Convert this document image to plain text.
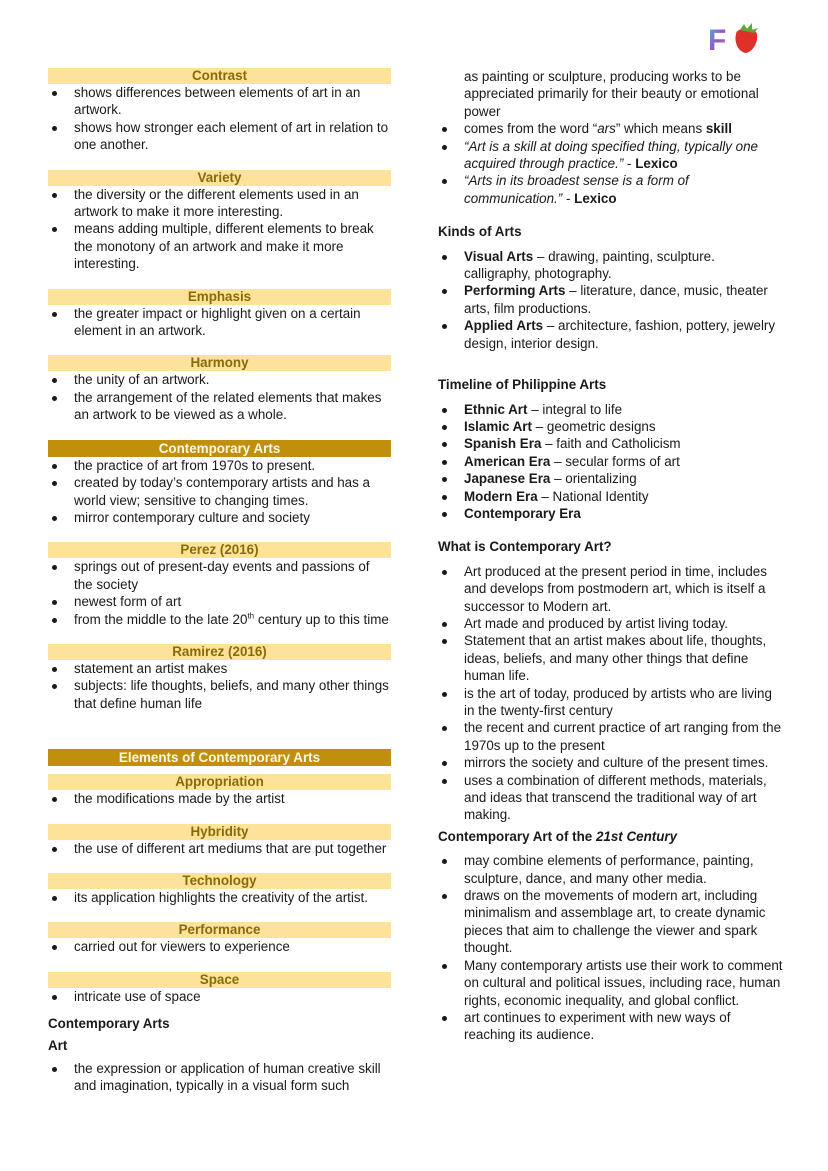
F
Contrast
shows differences between elements of art in an artwork.
shows how stronger each element of art in relation to one another.
Variety
the diversity or the different elements used in an artwork to make it more interesting.
means adding multiple, different elements to break the monotony of an artwork and make it more interesting.
Emphasis
the greater impact or highlight given on a certain element in an artwork.
Harmony
the unity of an artwork.
the arrangement of the related elements that makes an artwork to be viewed as a whole.
Contemporary Arts
the practice of art from 1970s to present.
created by today’s contemporary artists and has a world view; sensitive to changing times.
mirror contemporary culture and society
Perez (2016)
springs out of present-day events and passions of the society
newest form of art
from the middle to the late 20th century up to this time
Ramirez (2016)
statement an artist makes
subjects: life thoughts, beliefs, and many other things that define human life
Elements of Contemporary Arts
Appropriation
the modifications made by the artist
Hybridity
the use of different art mediums that are put together
Technology
its application highlights the creativity of the artist.
Performance
carried out for viewers to experience
Space
intricate use of space
Contemporary Arts
Art
the expression or application of human creative skill and imagination, typically in a visual form such
as painting or sculpture, producing works to be appreciated primarily for their beauty or emotional power
comes from the word “ars” which means skill
“Art is a skill at doing specified thing, typically one acquired through practice.” - Lexico
“Arts in its broadest sense is a form of communication.” - Lexico
Kinds of Arts
Visual Arts – drawing, painting, sculpture. calligraphy, photography.
Performing Arts – literature, dance, music, theater arts, film productions.
Applied Arts – architecture, fashion, pottery, jewelry design, interior design.
Timeline of Philippine Arts
Ethnic Art – integral to life
Islamic Art – geometric designs
Spanish Era – faith and Catholicism
American Era – secular forms of art
Japanese Era – orientalizing
Modern Era – National Identity
Contemporary Era
What is Contemporary Art?
Art produced at the present period in time, includes and develops from postmodern art, which is itself a successor to Modern art.
Art made and produced by artist living today.
Statement that an artist makes about life, thoughts, ideas, beliefs, and many other things that define human life.
is the art of today, produced by artists who are living in the twenty-first century
the recent and current practice of art ranging from the 1970s up to the present
mirrors the society and culture of the present times.
uses a combination of different methods, materials, and ideas that transcend the traditional way of art making.
Contemporary Art of the 21st Century
may combine elements of performance, painting, sculpture, dance, and many other media.
draws on the movements of modern art, including minimalism and assemblage art, to create dynamic pieces that aim to challenge the viewer and spark thought.
Many contemporary artists use their work to comment on cultural and political issues, including race, human rights, economic inequality, and global conflict.
art continues to experiment with new ways of reaching its audience.
